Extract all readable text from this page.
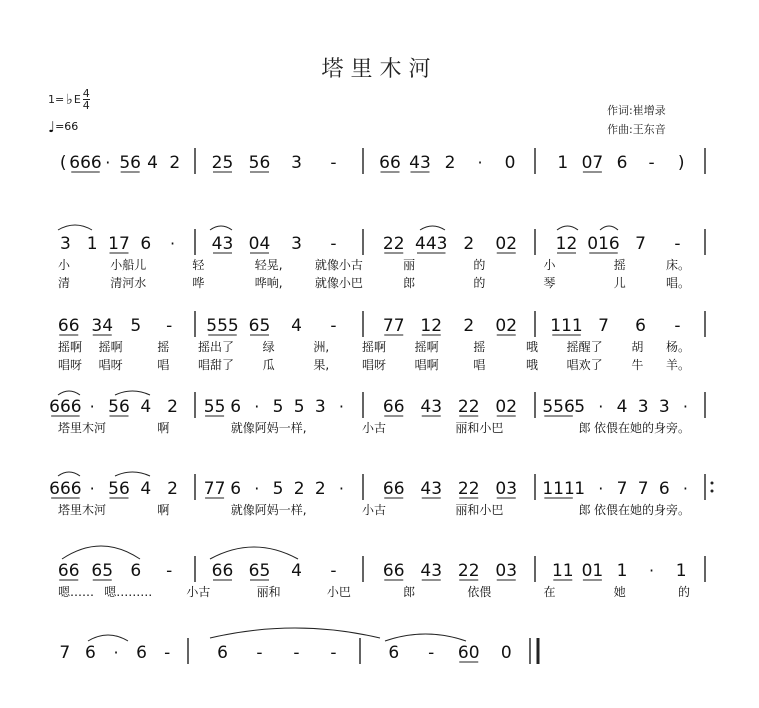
塔里木河
1= ♭ E 4
4
♩=66
作词:崔增录
作曲:王东音
( 666 · 56 4 2 25 56 3 -	66 43 2 · 0 1 07 6 - )
3 1 17 6 · 43 04 3 -	22 443 2 02 12 016 7 -
小	小船儿	轻	轻晃,	就像小古	丽	的	小	摇	床。
清	清河水	哗	哗响,	就像小巴	郎	的	琴	儿	唱。
66 34 5 - 555 65 4 -	77 12 2 02 111 7 6 -
摇啊 摇啊	摇 摇出了 绿	洲,	摇啊 摇啊	摇	哦 摇醒了 胡 杨。
唱呀 唱呀	唱 唱甜了 瓜	果,	唱呀 唱啊	唱	哦 唱欢了 牛 羊。
666 · 56 4 2 55 6 · 5 5 3 · 66 43 22 02 556 5 · 4 3 3 ·
塔里木河	啊	就像阿妈一样,	小古	丽和小巴	郎 依偎在她的身旁。
666 · 56 4 2 77 6 · 5 2 2 · 66 43 22 03 111 1 · 7 7 6 ·
塔里木河	啊	就像阿妈一样,	小古	丽和小巴	郎 依偎在她的身旁。
66 65 6 - 66 65 4 -	66 43 22 03 11 01 1 · 1
嗯…… 嗯………	小古	丽和	小巴	郎	依偎	在	她	的
7 6 · 6 -	6 - - -	6 - 60 0
